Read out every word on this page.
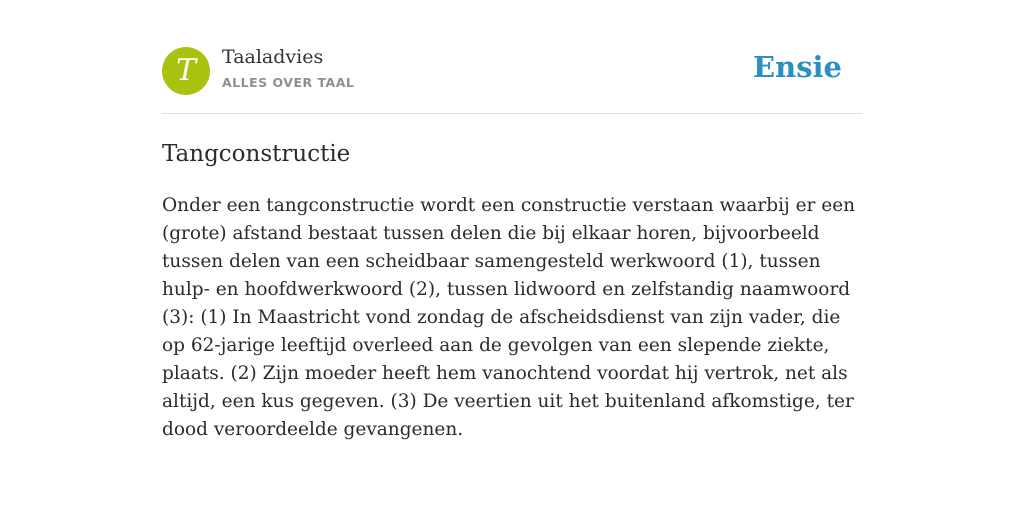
T	Taaladvies
ALLES OVER TAAL	Ensie
Tangconstructie

Onder een tangconstructie wordt een constructie verstaan waarbij er een (grote) afstand bestaat tussen delen die bij elkaar horen, bijvoorbeeld tussen delen van een scheidbaar samengesteld werkwoord (1), tussen hulp- en hoofdwerkwoord (2), tussen lidwoord en zelfstandig naamwoord (3): (1) In Maastricht vond zondag de afscheidsdienst van zijn vader, die op 62-jarige leeftijd overleed aan de gevolgen van een slepende ziekte, plaats. (2) Zijn moeder heeft hem vanochtend voordat hij vertrok, net als altijd, een kus gegeven. (3) De veertien uit het buitenland afkomstige, ter dood veroordeelde gevangenen.
